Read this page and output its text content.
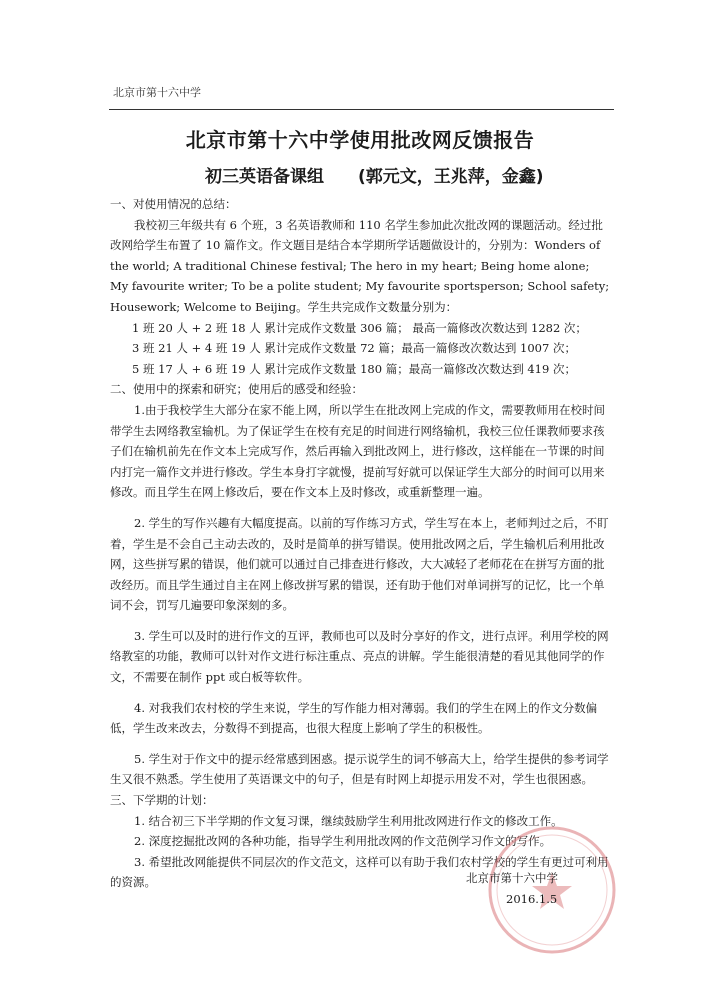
北京市第十六中学
北京市第十六中学使用批改网反馈报告
初三英语备课组　　(郭元文，王兆萍，金鑫)

一、对使用情况的总结：

我校初三年级共有 6 个班，3 名英语教师和 110 名学生参加此次批改网的课题活动。经过批改网给学生布置了 10 篇作文。作文题目是结合本学期所学话题做设计的，分别为：Wonders of the world; A traditional Chinese festival; The hero in my heart; Being home alone; My favourite writer; To be a polite student; My favourite sportsperson; School safety; Housework; Welcome to Beijing。学生共完成作文数量分别为：

1 班 20 人 + 2 班 18 人 累计完成作文数量 306 篇； 最高一篇修改次数达到 1282 次；

3 班 21 人 + 4 班 19 人 累计完成作文数量 72 篇；最高一篇修改次数达到 1007 次；

5 班 17 人 + 6 班 19 人 累计完成作文数量 180 篇；最高一篇修改次数达到 419 次；

二、使用中的探索和研究；使用后的感受和经验：

1.由于我校学生大部分在家不能上网，所以学生在批改网上完成的作文，需要教师用在校时间带学生去网络教室输机。为了保证学生在校有充足的时间进行网络输机，我校三位任课教师要求孩子们在输机前先在作文本上完成写作，然后再输入到批改网上，进行修改，这样能在一节课的时间内打完一篇作文并进行修改。学生本身打字就慢，提前写好就可以保证学生大部分的时间可以用来修改。而且学生在网上修改后，要在作文本上及时修改，或重新整理一遍。

2. 学生的写作兴趣有大幅度提高。以前的写作练习方式，学生写在本上，老师判过之后，不盯着，学生是不会自己主动去改的，及时是简单的拼写错误。使用批改网之后，学生输机后利用批改网，这些拼写累的错误，他们就可以通过自己排查进行修改，大大减轻了老师花在在拼写方面的批改经历。而且学生通过自主在网上修改拼写累的错误，还有助于他们对单词拼写的记忆，比一个单词不会，罚写几遍要印象深刻的多。

3. 学生可以及时的进行作文的互评，教师也可以及时分享好的作文，进行点评。利用学校的网络教室的功能，教师可以针对作文进行标注重点、亮点的讲解。学生能很清楚的看见其他同学的作文，不需要在制作 ppt 或白板等软件。

4. 对我我们农村校的学生来说，学生的写作能力相对薄弱。我们的学生在网上的作文分数偏低，学生改来改去，分数得不到提高，也很大程度上影响了学生的积极性。

5. 学生对于作文中的提示经常感到困惑。提示说学生的词不够高大上，给学生提供的参考词学生又很不熟悉。学生使用了英语课文中的句子，但是有时网上却提示用发不对，学生也很困惑。

三、下学期的计划：

1. 结合初三下半学期的作文复习课，继续鼓励学生利用批改网进行作文的修改工作。

2. 深度挖掘批改网的各种功能，指导学生利用批改网的作文范例学习作文的写作。

3. 希望批改网能提供不同层次的作文范文，这样可以有助于我们农村学校的学生有更过可利用的资源。	北京市第十六中学
2016.1.5
